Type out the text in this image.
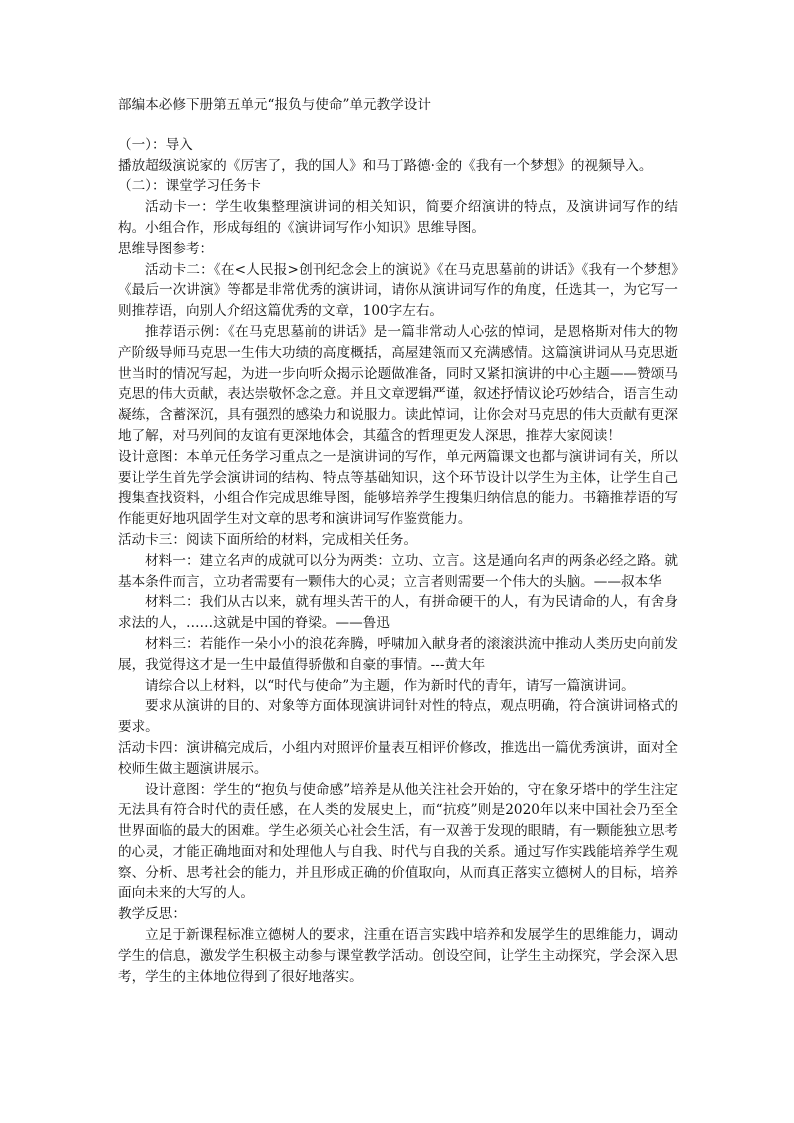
部编本必修下册第五单元“报负与使命”单元教学设计

（一）：导入

播放超级演说家的《厉害了，我的国人》和马丁路德·金的《我有一个梦想》的视频导入。

（二）：课堂学习任务卡

活动卡一：学生收集整理演讲词的相关知识，简要介绍演讲的特点，及演讲词写作的结构。小组合作，形成每组的《演讲词写作小知识》思维导图。

思维导图参考：

活动卡二：《在<人民报>创刊纪念会上的演说》《在马克思墓前的讲话》《我有一个梦想》　《最后一次讲演》等都是非常优秀的演讲词，请你从演讲词写作的角度，任选其一，为它写一则推荐语，向别人介绍这篇优秀的文章，100字左右。

推荐语示例：《在马克思墓前的讲话》是一篇非常动人心弦的悼词，是恩格斯对伟大的物产阶级导师马克思一生伟大功绩的高度概括，高屋建瓴而又充满感情。这篇演讲词从马克思逝世当时的情况写起，为进一步向听众揭示论题做准备，同时又紧扣演讲的中心主题——赞颂马克思的伟大贡献，表达崇敬怀念之意。并且文章逻辑严谨，叙述抒情议论巧妙结合，语言生动凝练，含蓄深沉，具有强烈的感染力和说服力。读此悼词，让你会对马克思的伟大贡献有更深地了解，对马列间的友谊有更深地体会，其蕴含的哲理更发人深思，推荐大家阅读！

设计意图：本单元任务学习重点之一是演讲词的写作，单元两篇课文也都与演讲词有关，所以要让学生首先学会演讲词的结构、特点等基础知识，这个环节设计以学生为主体，让学生自己搜集查找资料，小组合作完成思维导图，能够培养学生搜集归纳信息的能力。书籍推荐语的写作能更好地巩固学生对文章的思考和演讲词写作鉴赏能力。

活动卡三：阅读下面所给的材料，完成相关任务。

材料一：建立名声的成就可以分为两类：立功、立言。这是通向名声的两条必经之路。就基本条件而言，立功者需要有一颗伟大的心灵；立言者则需要一个伟大的头脑。——叔本华

材料二：我们从古以来，就有埋头苦干的人，有拼命硬干的人，有为民请命的人，有舍身求法的人，……这就是中国的脊梁。——鲁迅

材料三：若能作一朵小小的浪花奔腾，呼啸加入献身者的滚滚洪流中推动人类历史向前发展，我觉得这才是一生中最值得骄傲和自豪的事情。---黄大年

请综合以上材料，以“时代与使命”为主题，作为新时代的青年，请写一篇演讲词。

要求从演讲的目的、对象等方面体现演讲词针对性的特点，观点明确，符合演讲词格式的要求。

活动卡四：演讲稿完成后，小组内对照评价量表互相评价修改，推选出一篇优秀演讲，面对全校师生做主题演讲展示。

设计意图：学生的“抱负与使命感”培养是从他关注社会开始的，守在象牙塔中的学生注定无法具有符合时代的责任感，在人类的发展史上，而“抗疫”则是2020年以来中国社会乃至全世界面临的最大的困难。学生必须关心社会生活，有一双善于发现的眼睛，有一颗能独立思考的心灵，才能正确地面对和处理他人与自我、时代与自我的关系。通过写作实践能培养学生观察、分析、思考社会的能力，并且形成正确的价值取向，从而真正落实立德树人的目标，培养面向未来的大写的人。

教学反思：

立足于新课程标准立德树人的要求，注重在语言实践中培养和发展学生的思维能力，调动学生的信息，激发学生积极主动参与课堂教学活动。创设空间，让学生主动探究，学会深入思考，学生的主体地位得到了很好地落实。
